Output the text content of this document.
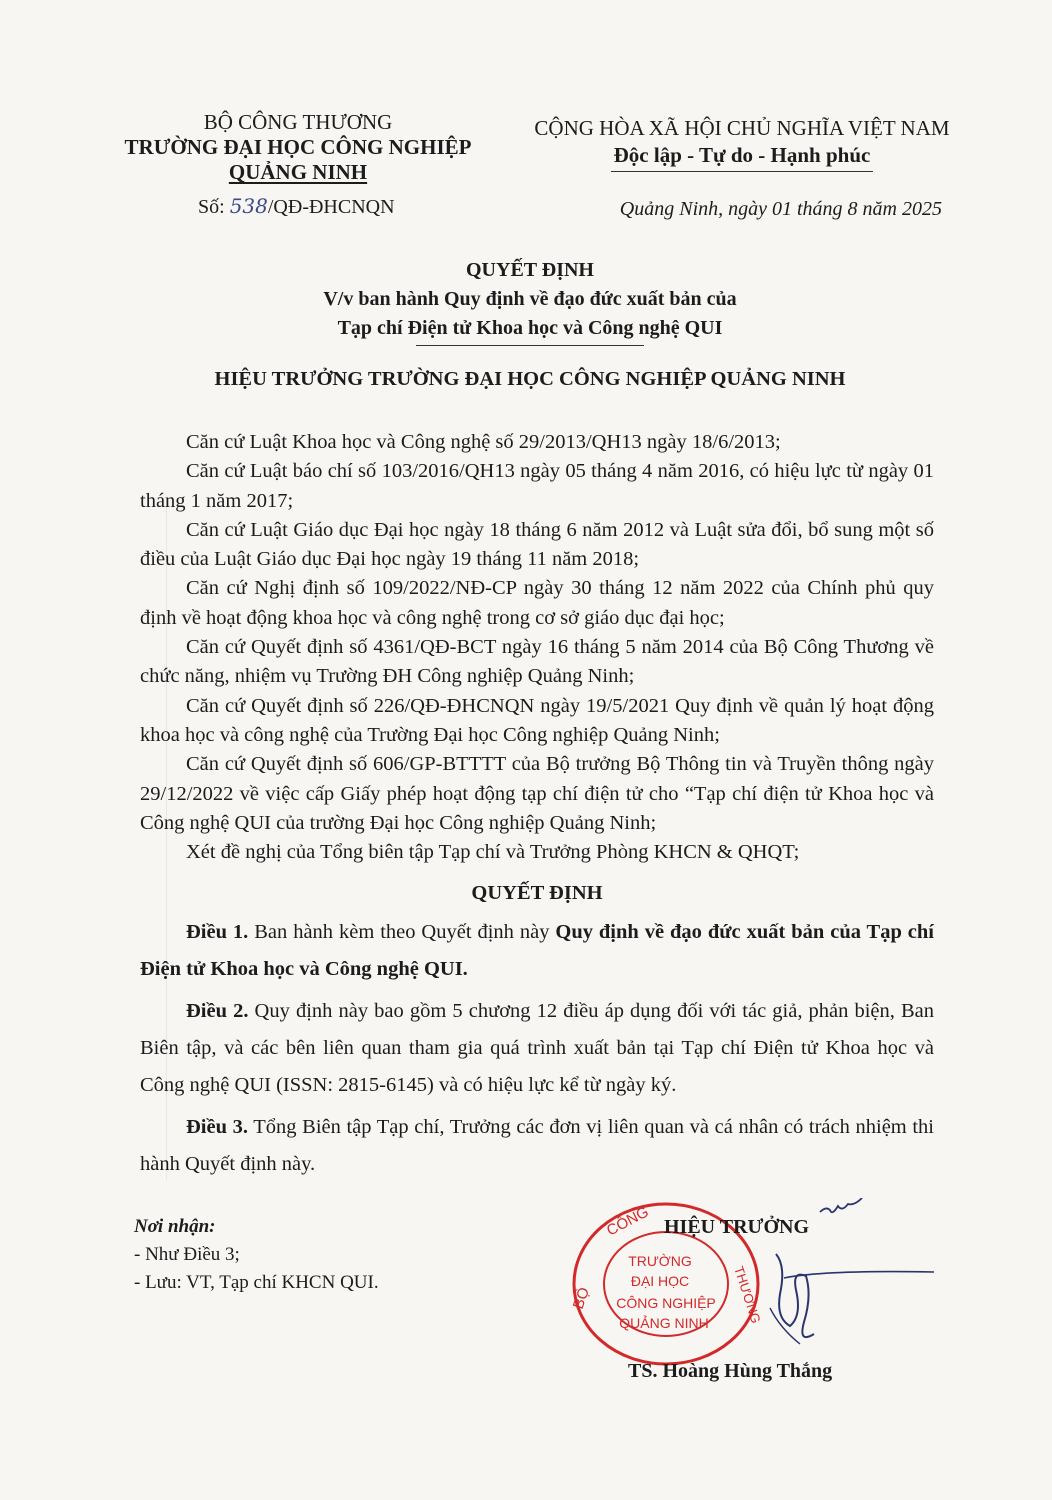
BỘ CÔNG THƯƠNG
TRƯỜNG ĐẠI HỌC CÔNG NGHIỆP
QUẢNG NINH
Số: 538/QĐ-ĐHCNQN
CỘNG HÒA XÃ HỘI CHỦ NGHĨA VIỆT NAM
Độc lập - Tự do - Hạnh phúc
Quảng Ninh, ngày 01 tháng 8 năm 2025
QUYẾT ĐỊNH
V/v ban hành Quy định về đạo đức xuất bản của
Tạp chí Điện tử Khoa học và Công nghệ QUI
HIỆU TRƯỞNG TRƯỜNG ĐẠI HỌC CÔNG NGHIỆP QUẢNG NINH

Căn cứ Luật Khoa học và Công nghệ số 29/2013/QH13 ngày 18/6/2013;

Căn cứ Luật báo chí số 103/2016/QH13 ngày 05 tháng 4 năm 2016, có hiệu lực từ ngày 01 tháng 1 năm 2017;

Căn cứ Luật Giáo dục Đại học ngày 18 tháng 6 năm 2012 và Luật sửa đổi, bổ sung một số điều của Luật Giáo dục Đại học ngày 19 tháng 11 năm 2018;

Căn cứ Nghị định số 109/2022/NĐ-CP ngày 30 tháng 12 năm 2022 của Chính phủ quy định về hoạt động khoa học và công nghệ trong cơ sở giáo dục đại học;

Căn cứ Quyết định số 4361/QĐ-BCT ngày 16 tháng 5 năm 2014 của Bộ Công Thương về chức năng, nhiệm vụ Trường ĐH Công nghiệp Quảng Ninh;

Căn cứ Quyết định số 226/QĐ-ĐHCNQN ngày 19/5/2021 Quy định về quản lý hoạt động khoa học và công nghệ của Trường Đại học Công nghiệp Quảng Ninh;

Căn cứ Quyết định số 606/GP-BTTTT của Bộ trưởng Bộ Thông tin và Truyền thông ngày 29/12/2022 về việc cấp Giấy phép hoạt động tạp chí điện tử cho “Tạp chí điện tử Khoa học và Công nghệ QUI của trường Đại học Công nghiệp Quảng Ninh;

Xét đề nghị của Tổng biên tập Tạp chí và Trưởng Phòng KHCN & QHQT;

QUYẾT ĐỊNH

Điều 1. Ban hành kèm theo Quyết định này Quy định về đạo đức xuất bản của Tạp chí Điện tử Khoa học và Công nghệ QUI.

Điều 2. Quy định này bao gồm 5 chương 12 điều áp dụng đối với tác giả, phản biện, Ban Biên tập, và các bên liên quan tham gia quá trình xuất bản tại Tạp chí Điện tử Khoa học và Công nghệ QUI (ISSN: 2815-6145) và có hiệu lực kể từ ngày ký.

Điều 3. Tổng Biên tập Tạp chí, Trưởng các đơn vị liên quan và cá nhân có trách nhiệm thi hành Quyết định này.

Nơi nhận:
- Như Điều 3;
- Lưu: VT, Tạp chí KHCN QUI.
CÔNG
THƯƠNG
BỘ
TRƯỜNG
ĐẠI HỌC
CÔNG NGHIỆP
QUẢNG NINH
HIỆU TRƯỞNG
TS. Hoàng Hùng Thắng
